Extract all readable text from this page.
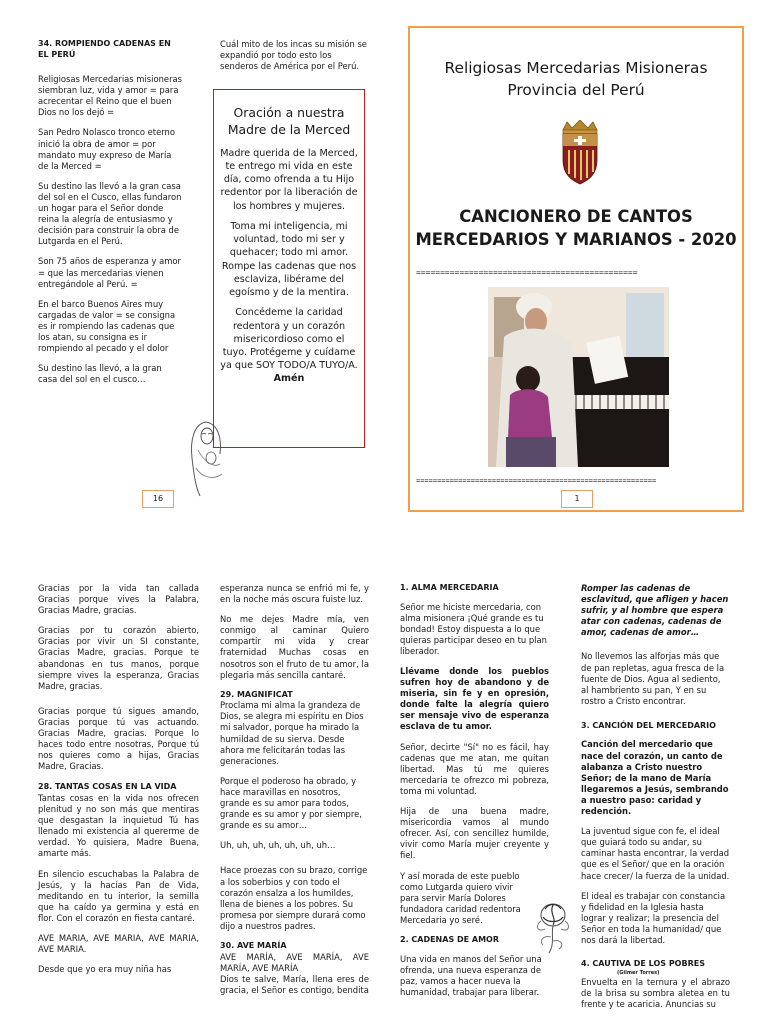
34. ROMPIENDO CADENAS EN EL PERÚ

Religiosas Mercedarias misioneras siembran luz, vida y amor = para acrecentar el Reino que el buen Dios no los dejó =

San Pedro Nolasco tronco eterno inició la obra de amor = por mandato muy expreso de María de la Merced =

Su destino las llevó a la gran casa del sol en el Cusco, ellas fundaron un hogar para el Señor donde reina la alegría de entusiasmo y decisión para construir la obra de Lutgarda en el Perú.

Son 75 años de esperanza y amor = que las mercedarias vienen entregándole al Perú. =

En el barco Buenos Aires muy cargadas de valor = se consigna es ir rompiendo las cadenas que los atan, su consigna es ir rompiendo al pecado y el dolor

Su destino las llevó, a la gran casa del sol en el cusco…

16

Cuál mito de los incas su misión se expandió por todo esto los senderos de América por el Perú.

Oración a nuestra Madre de la Merced

Madre querida de la Merced, te entrego mi vida en este día, como ofrenda a tu Hijo redentor por la liberación de los hombres y mujeres.

Toma mi inteligencia, mi voluntad, todo mi ser y quehacer; todo mi amor. Rompe las cadenas que nos esclaviza, libérame del egoísmo y de la mentira.

Concédeme la caridad redentora y un corazón misericordioso como el tuyo. Protégeme y cuídame ya que SOY TODO/A TUYO/A. Amén

Religiosas Mercedarias Misioneras
Provincia del Perú
CANCIONERO DE CANTOS
MERCEDARIOS Y MARIANOS - 2020
==============================================
=========================================================
1

Gracias por la vida tan callada Gracias porque vives la Palabra, Gracias Madre, gracias.

Gracias por tu corazón abierto, Gracias por vivir un SI constante, Gracias Madre, gracias. Porque te abandonas en tus manos, porque siempre vives la esperanza, Gracias Madre, gracias.

Gracias porque tú sigues amando, Gracias porque tú vas actuando. Gracias Madre, gracias. Porque lo haces todo entre nosotras, Porque tú nos quieres como a hijas, Gracias Madre, Gracias.

28. TANTAS COSAS EN LA VIDA

Tantas cosas en la vida nos ofrecen plenitud y no son más que mentiras que desgastan la inquietud Tú has llenado mi existencia al quererme de verdad. Yo quisiera, Madre Buena, amarte más.

En silencio escuchabas la Palabra de Jesús, y la hacías Pan de Vida, meditando en tu interior, la semilla que ha caído ya germina y está en flor. Con el corazón en fiesta cantaré.

AVE MARIA, AVE MARIA, AVE MARIA, AVE MARIA.

Desde que yo era muy niña has

esperanza nunca se enfrió mi fe, y en la noche más oscura fuiste luz.

No me dejes Madre mía, ven conmigo al caminar Quiero compartir mi vida y crear fraternidad Muchas cosas en nosotros son el fruto de tu amor, la plegaria más sencilla cantaré.

29. MAGNIFICAT

Proclama mi alma la grandeza de Dios, se alegra mi espíritu en Dios mi salvador, porque ha mirado la humildad de su sierva. Desde ahora me felicitarán todas las generaciones.

Porque el poderoso ha obrado, y hace maravillas en nosotros, grande es su amor para todos, grande es su amor y por siempre, grande es su amor…

Uh, uh, uh, uh, uh, uh, uh…

Hace proezas con su brazo, corrige a los soberbios y con todo el corazón ensalza a los humildes, llena de bienes a los pobres. Su promesa por siempre durará como dijo a nuestros padres.

30. AVE MARÍA

AVE MARÍA, AVE MARÍA, AVE MARÍA, AVE MARÍA

Dios te salve, María, llena eres de gracia, el Señor es contigo, bendita

1. ALMA MERCEDARIA

Señor me hiciste mercedaria, con alma misionera ¡Qué grande es tu bondad! Estoy dispuesta a lo que quieras participar deseo en tu plan liberador.

Llévame donde los pueblos sufren hoy de abandono y de miseria, sin fe y en opresión, donde falte la alegría quiero ser mensaje vivo de esperanza esclava de tu amor.

Señor, decirte "Sí" no es fácil, hay cadenas que me atan, me quitan libertad. Mas tú me quieres mercedaria te ofrezco mi pobreza, toma mi voluntad.

Hija de una buena madre, misericordia vamos al mundo ofrecer. Así, con sencillez humilde, vivir como María mujer creyente y fiel.

Y así morada de este pueblo como Lutgarda quiero vivir para servir María Dolores fundadora caridad redentora Mercedaria yo seré.

2. CADENAS DE AMOR

Una vida en manos del Señor una ofrenda, una nueva esperanza de paz, vamos a hacer nueva la humanidad, trabajar para liberar.

Romper las cadenas de esclavitud, que afligen y hacen sufrir, y al hombre que espera atar con cadenas, cadenas de amor, cadenas de amor…

No llevemos las alforjas más que de pan repletas, agua fresca de la fuente de Dios. Agua al sediento, al hambriento su pan, Y en su rostro a Cristo encontrar.

3. CANCIÓN DEL MERCEDARIO

Canción del mercedario que nace del corazón, un canto de alabanza a Cristo nuestro Señor; de la mano de María llegaremos a Jesús, sembrando a nuestro paso: caridad y redención.

La juventud sigue con fe, el ideal que guiará todo su andar, su caminar hasta encontrar, la verdad que es el Señor/ que en la oración hace crecer/ la fuerza de la unidad.

El ideal es trabajar con constancia y fidelidad en la Iglesia hasta lograr y realizar; la presencia del Señor en toda la humanidad/ que nos dará la libertad.

4. CAUTIVA DE LOS POBRES

(Gilmer Torres)

Envuelta en la ternura y el abrazo de la brisa su sombra aletea en tu frente y te acaricia. Anuncias su
